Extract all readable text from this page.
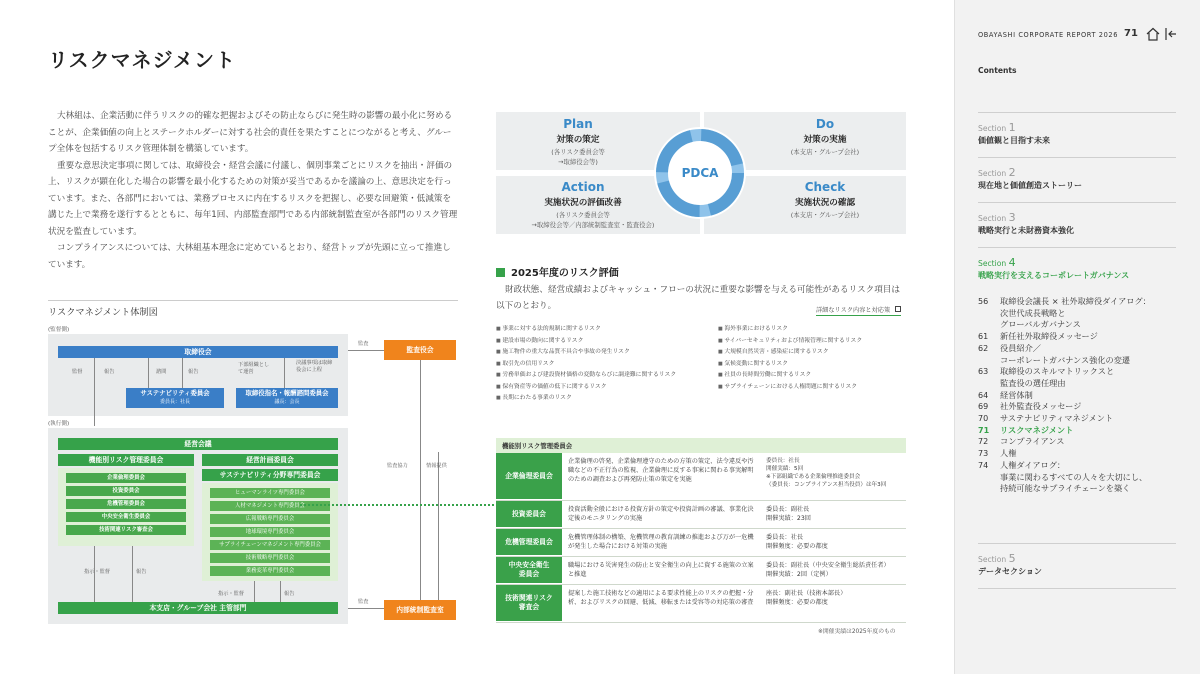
リスクマネジメント

大林組は、企業活動に伴うリスクの的確な把握およびその防止ならびに発生時の影響の最小化に努めることが、企業価値の向上とステークホルダーに対する社会的責任を果たすことにつながると考え、グループ全体を包括するリスク管理体制を構築しています。

重要な意思決定事項に関しては、取締役会・経営会議に付議し、個別事業ごとにリスクを抽出・評価の上、リスクが顕在化した場合の影響を最小化するための対策が妥当であるかを議論の上、意思決定を行っています。また、各部門においては、業務プロセスに内在するリスクを把握し、必要な回避策・低減策を講じた上で業務を遂行するとともに、毎年1回、内部監査部門である内部統制監査室が各部門のリスク管理状況を監査しています。

コンプライアンスについては、大林組基本理念に定めているとおり、経営トップが先頭に立って推進しています。

リスクマネジメント体制図
(監督側)
取締役会
監督	報告	諮問	報告
下部組織として運営
決議事項は取締役会に上程
サステナビリティ委員会
委員長：社長
取締役指名・報酬諮問委員会
議長：会長
監査役会
監査
(執行側)
経営会議
機能別リスク管理委員会
企業倫理委員会
投資委員会
危機管理委員会
中央安全衛生委員会
技術関連リスク審査会
経営計画委員会
サステナビリティ分野専門委員会
ヒューマンライツ専門委員会
人材マネジメント専門委員会
広報戦略専門委員会
地球環境専門委員会
サプライチェーンマネジメント専門委員会
技術戦略専門委員会
業務変革専門委員会
指示・監督	報告
指示・監督	報告
本支店・グループ会社 主管部門	内部統制監査室
監査
監査協力	情報提供
Plan
対策の策定
(各リスク委員会等
→取締役会等)
Do
対策の実施
(本支店・グループ会社)
Action
実施状況の評価改善
(各リスク委員会等
→取締役会等／内部統制監査室・監査役会)
Check
実施状況の確認
(本支店・グループ会社)
PDCA
2025年度のリスク評価
財政状態、経営成績およびキャッシュ・フローの状況に重要な影響を与える可能性があるリスク項目は以下のとおり。	詳細なリスク内容と対応策
■ 事業に対する法的規制に関するリスク
■ 建設市場の動向に関するリスク
■ 施工物件の重大な品質不具合や事故の発生リスク
■ 取引先の信用リスク
■ 労務単価および建設資材価格の変動ならびに調達難に関するリスク
■ 保有資産等の価値の低下に関するリスク
■ 長期にわたる事業のリスク
■ 海外事業におけるリスク
■ サイバーセキュリティおよび情報管理に関するリスク
■ 大規模自然災害・感染症に関するリスク
■ 気候変動に関するリスク
■ 社員の長時間労働に関するリスク
■ サプライチェーンにおける人権問題に関するリスク
機能別リスク管理委員会
企業倫理委員会
企業倫理の啓発、企業倫理遵守のための方策の策定、法令違反や汚職などの不正行為の監視、企業倫理に反する事案に関わる事実解明のための調査および再発防止策の策定を実施
委員長：社長
開催実績：5回
※下部組織である企業倫理推進委員会
（委員長：コンプライアンス担当役員）は年3回
投資委員会	投資活動全般における投資方針の策定や投資計画の審議、事業化決定後のモニタリングの実施
委員長：副社長
開催実績：23回
危機管理委員会	危機管理体制の構築、危機管理の教育訓練の推進および万が一危機が発生した場合における対策の実施
委員長：社長
開催頻度：必要の都度
中央安全衛生
委員会
職場における災害発生の防止と安全衛生の向上に資する施策の立案と推進
委員長：副社長（中央安全衛生総括責任者）
開催実績：2回（定例）
技術関連リスク
審査会
提案した施工技術などの適用による要求性能上のリスクの把握・分析、およびリスクの回避、低減、移転または受容等の対応策の審査
座長：副社長（技術本部長）
開催頻度：必要の都度
※開催実績は2025年度のもの
OBAYASHI CORPORATE REPORT 2026 71
Contents
Section 1
価値観と目指す未来
Section 2
現在地と価値創造ストーリー
Section 3
戦略実行と未財務資本強化
Section 4
戦略実行を支えるコーポレートガバナンス
56	取締役会議長 × 社外取締役ダイアログ：
次世代成長戦略と
グローバルガバナンス
61	新任社外取締役メッセージ
62	役員紹介／
コーポレートガバナンス強化の変遷
63	取締役のスキルマトリックスと
監査役の選任理由
64	経営体制
69	社外監査役メッセージ
70	サステナビリティマネジメント
71	リスクマネジメント
72	コンプライアンス
73	人権
74	人権ダイアログ：
事業に関わるすべての人々を大切にし、
持続可能なサプライチェーンを築く
Section 5
データセクション
